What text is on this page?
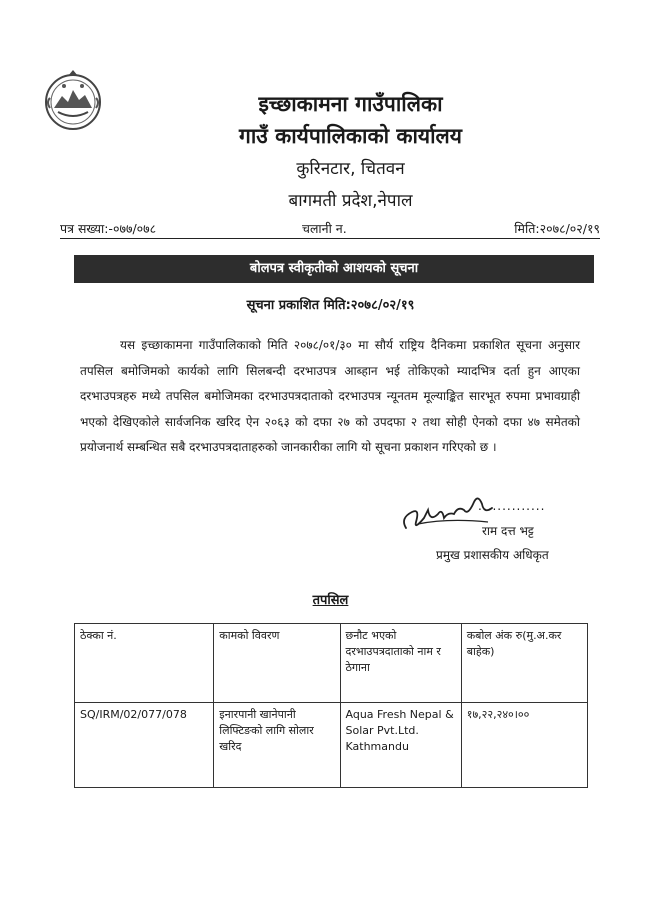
इच्छाकामना गाउँपालिका
गाउँ कार्यपालिकाको कार्यालय
कुरिनटार, चितवन
बागमती प्रदेश,नेपाल
पत्र सख्या:-०७७/०७८	चलानी न.	मिति:२०७८/०२/१९
बोलपत्र स्वीकृतीको आशयको सूचना
सूचना प्रकाशित मिति:२०७८/०२/१९
यस इच्छाकामना गाउँपालिकाको मिति २०७८/०१/३० मा सौर्य राष्ट्रिय दैनिकमा प्रकाशित सूचना अनुसार तपसिल बमोजिमको कार्यको लागि सिलबन्दी दरभाउपत्र आब्हान भई तोकिएको म्यादभित्र दर्ता हुन आएका दरभाउपत्रहरु मध्ये तपसिल बमोजिमका दरभाउपत्रदाताको दरभाउपत्र न्यूनतम मूल्याङ्कित सारभूत रुपमा प्रभावग्राही भएको देखिएकोले सार्वजनिक खरिद ऐन २०६३ को दफा २७ को उपदफा २ तथा सोही ऐनको दफा ४७ समेतको प्रयोजनार्थ सम्बन्धित सबै दरभाउपत्रदाताहरुको जानकारीका लागि यो सूचना प्रकाशन गरिएको छ ।
..............
राम दत्त भट्ट
प्रमुख प्रशासकीय अधिकृत
तपसिल
ठेक्का नं.	कामको विवरण	छनौट भएको दरभाउपत्रदाताको नाम र ठेगाना	कबोल अंक रु(मु.अ.कर बाहेक)
SQ/IRM/02/077/078	इनारपानी खानेपानी लिफ्टिङको लागि सोलार खरिद	Aqua Fresh Nepal & Solar Pvt.Ltd. Kathmandu	१७,२२,२४०।००
